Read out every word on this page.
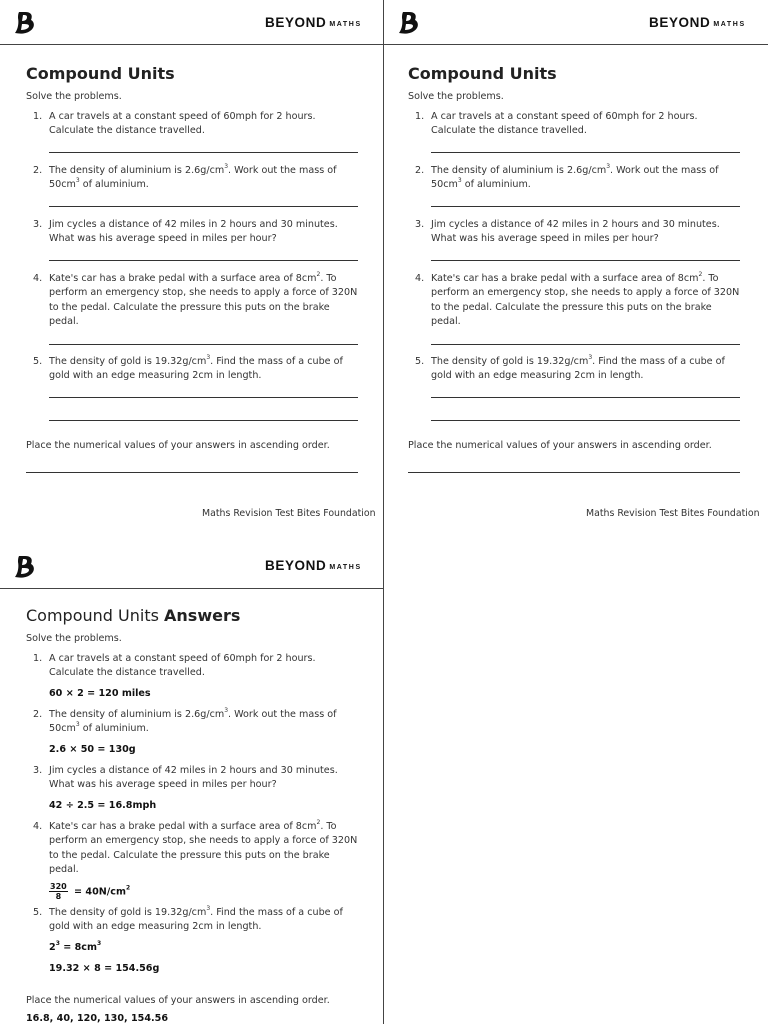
BEYOND MATHS	BEYOND MATHS
BEYOND MATHS
Compound Units
Solve the problems.
1. A car travels at a constant speed of 60mph for 2 hours. Calculate the distance travelled.
2. The density of aluminium is $2.6g/cm^3$. Work out the mass of $50cm^3$ of aluminium.
3. Jim cycles a distance of 42 miles in 2 hours and 30 minutes. What was his average speed in miles per hour?
4. Kate's car has a brake pedal with a surface area of $8cm^2$. To perform an emergency stop, she needs to apply a force of 320N to the pedal. Calculate the pressure this puts on the brake pedal.
5. The density of gold is $19.32g/cm^3$. Find the mass of a cube of gold with an edge measuring 2cm in length.
Place the numerical values of your answers in ascending order.
Maths Revision Test Bites Foundation
Compound Units
Solve the problems.
1. A car travels at a constant speed of 60mph for 2 hours. Calculate the distance travelled.
2. The density of aluminium is $2.6g/cm^3$. Work out the mass of $50cm^3$ of aluminium.
3. Jim cycles a distance of 42 miles in 2 hours and 30 minutes. What was his average speed in miles per hour?
4. Kate's car has a brake pedal with a surface area of $8cm^2$. To perform an emergency stop, she needs to apply a force of 320N to the pedal. Calculate the pressure this puts on the brake pedal.
5. The density of gold is $19.32g/cm^3$. Find the mass of a cube of gold with an edge measuring 2cm in length.
Place the numerical values of your answers in ascending order.
Maths Revision Test Bites Foundation
Compound Units Answers
Solve the problems.
1. A car travels at a constant speed of 60mph for 2 hours. Calculate the distance travelled.
60 × 2 = 120 miles
2. The density of aluminium is $2.6g/cm^3$. Work out the mass of $50cm^3$ of aluminium.
2.6 × 50 = 130g
3. Jim cycles a distance of 42 miles in 2 hours and 30 minutes. What was his average speed in miles per hour?
42 ÷ 2.5 = 16.8mph
4. Kate's car has a brake pedal with a surface area of $8cm^2$. To perform an emergency stop, she needs to apply a force of 320N to the pedal. Calculate the pressure this puts on the brake pedal.
$\frac{320}{8} = 40N/cm^2$
5. The density of gold is $19.32g/cm^3$. Find the mass of a cube of gold with an edge measuring 2cm in length.
$2^3 = 8cm^3$
19.32 × 8 = 154.56g
Place the numerical values of your answers in ascending order.
16.8, 40, 120, 130, 154.56
